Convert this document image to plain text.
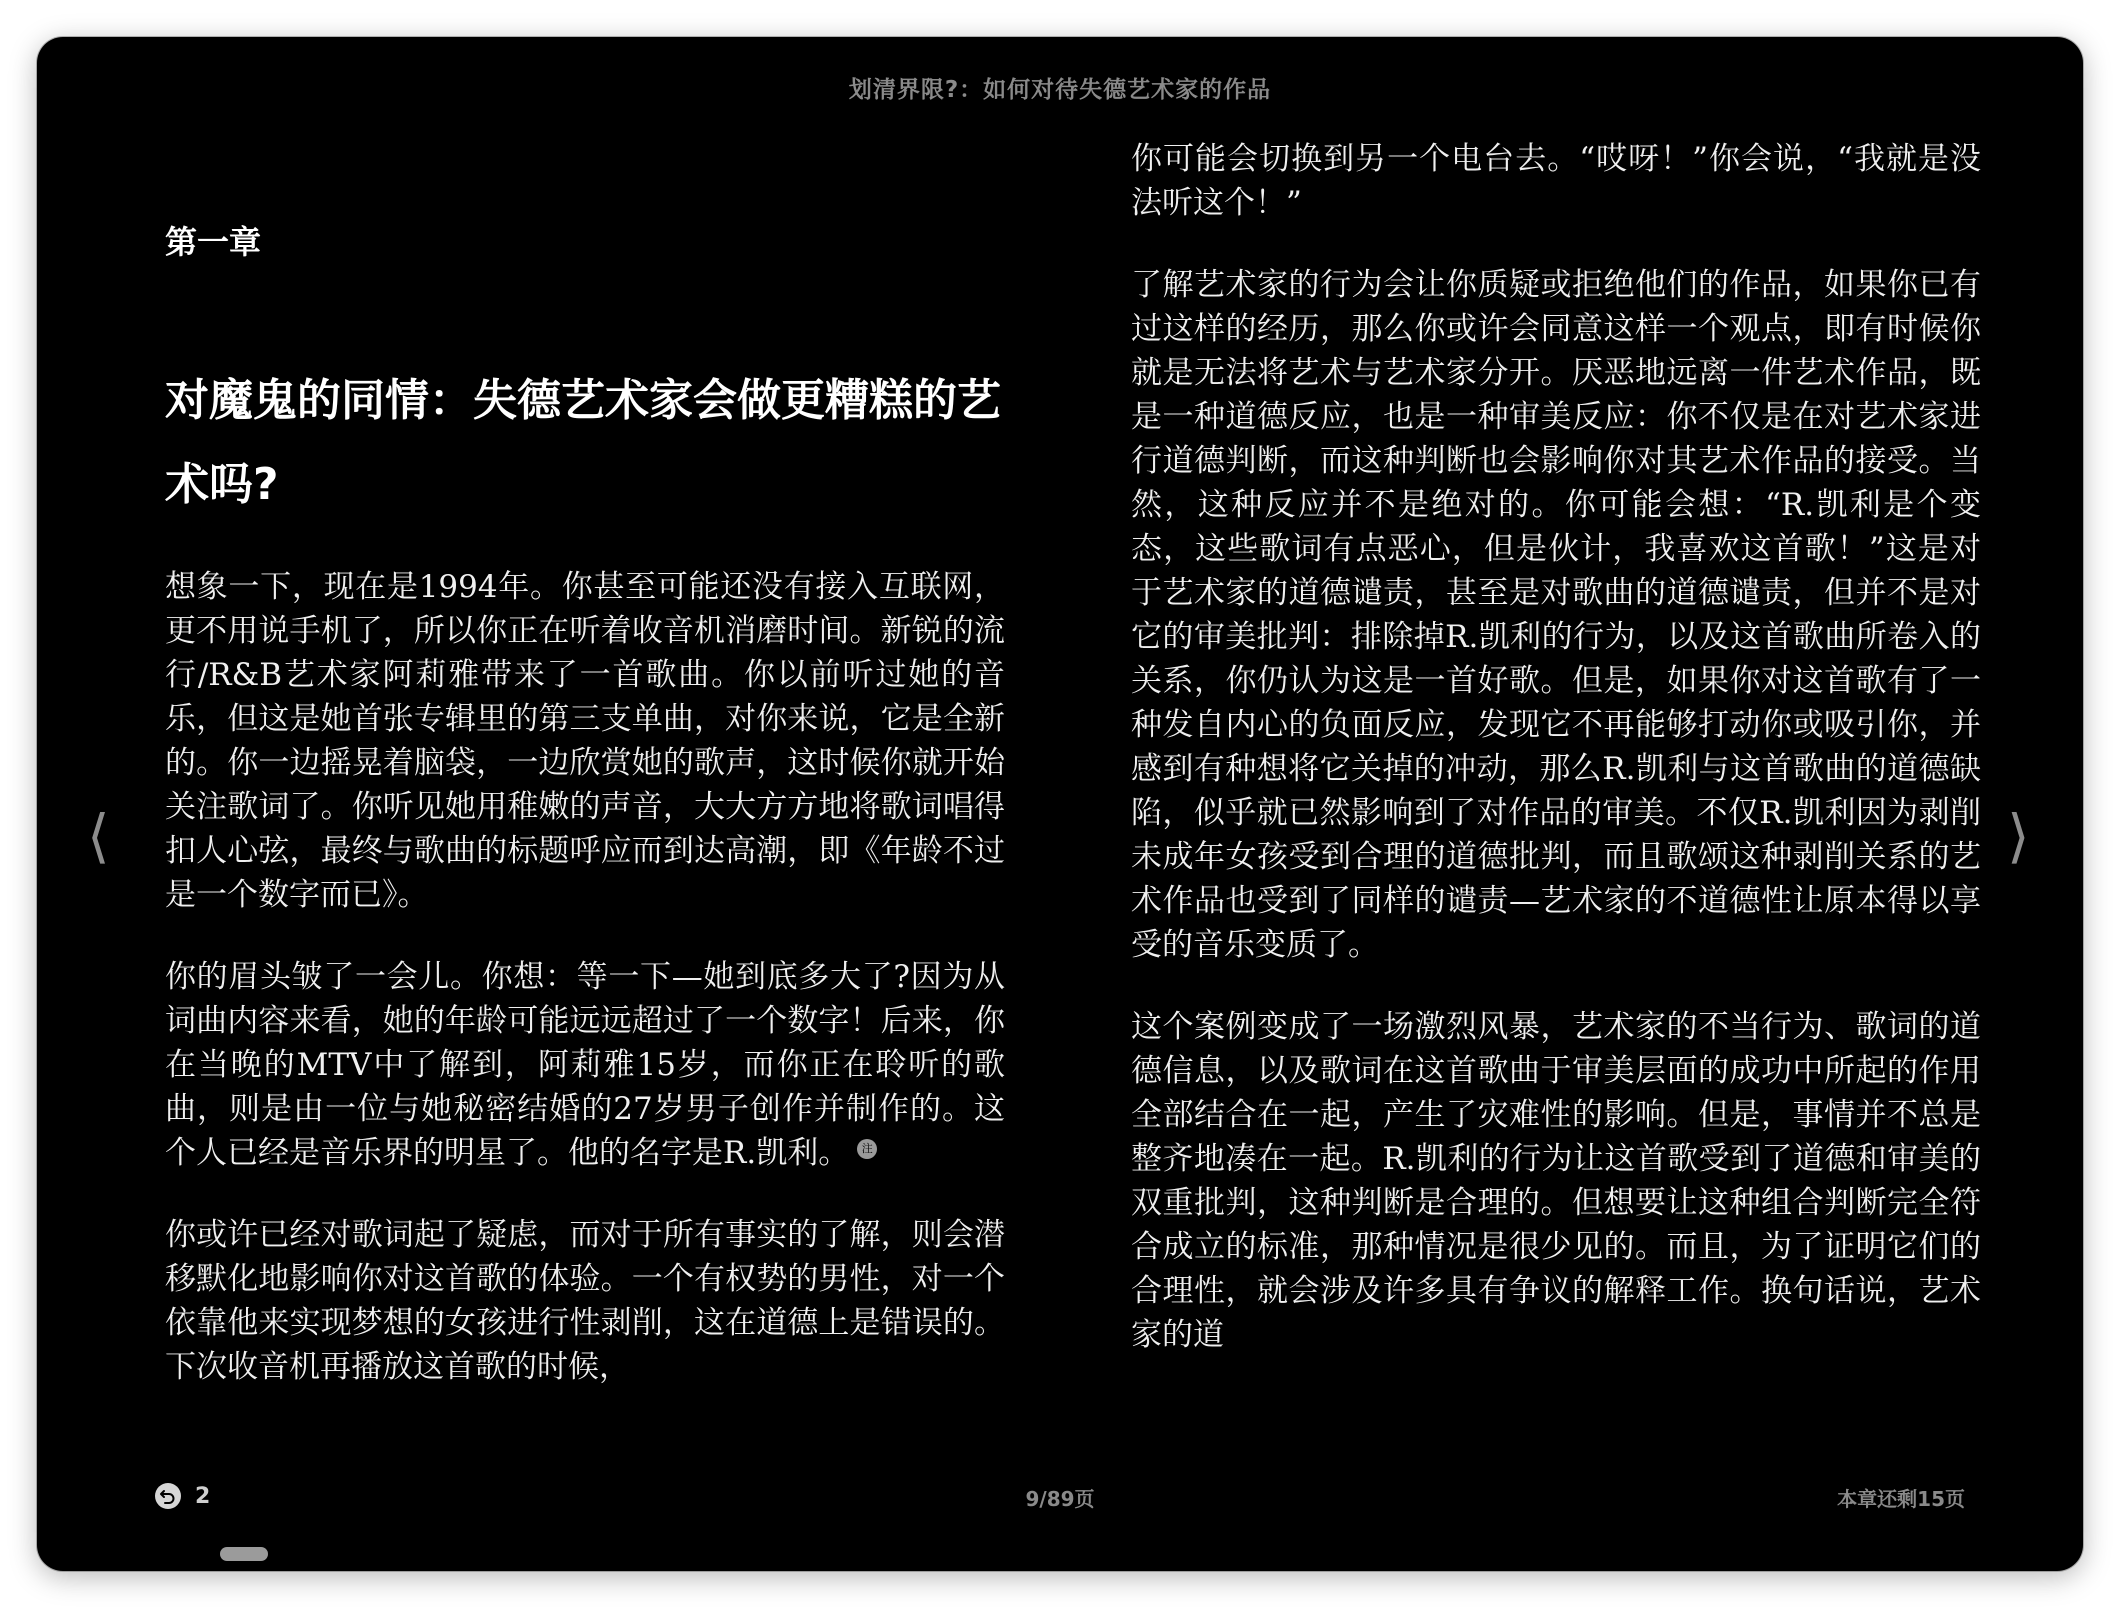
划清界限?：如何对待失德艺术家的作品
⟨	⟩
第一章
对魔鬼的同情：失德艺术家会做更糟糕的艺术吗?

想象一下，现在是1994年。你甚至可能还没有接入互联网，更不用说手机了，所以你正在听着收音机消磨时间。新锐的流行/R&B艺术家阿莉雅带来了一首歌曲。你以前听过她的音乐，但这是她首张专辑里的第三支单曲，对你来说，它是全新的。你一边摇晃着脑袋，一边欣赏她的歌声，这时候你就开始关注歌词了。你听见她用稚嫩的声音，大大方方地将歌词唱得扣人心弦，最终与歌曲的标题呼应而到达高潮，即《年龄不过是一个数字而已》。

你的眉头皱了一会儿。你想：等一下—她到底多大了?因为从词曲内容来看，她的年龄可能远远超过了一个数字！后来，你在当晚的MTV中了解到，阿莉雅15岁，而你正在聆听的歌曲，则是由一位与她秘密结婚的27岁男子创作并制作的。这个人已经是音乐界的明星了。他的名字是R.凯利。 注

你或许已经对歌词起了疑虑，而对于所有事实的了解，则会潜移默化地影响你对这首歌的体验。一个有权势的男性，对一个依靠他来实现梦想的女孩进行性剥削，这在道德上是错误的。下次收音机再播放这首歌的时候，

你可能会切换到另一个电台去。“哎呀！”你会说，“我就是没法听这个！”

了解艺术家的行为会让你质疑或拒绝他们的作品，如果你已有过这样的经历，那么你或许会同意这样一个观点，即有时候你就是无法将艺术与艺术家分开。厌恶地远离一件艺术作品，既是一种道德反应，也是一种审美反应：你不仅是在对艺术家进行道德判断，而这种判断也会影响你对其艺术作品的接受。当然，这种反应并不是绝对的。你可能会想：“R.凯利是个变态，这些歌词有点恶心，但是伙计，我喜欢这首歌！”这是对于艺术家的道德谴责，甚至是对歌曲的道德谴责，但并不是对它的审美批判：排除掉R.凯利的行为，以及这首歌曲所卷入的关系，你仍认为这是一首好歌。但是，如果你对这首歌有了一种发自内心的负面反应，发现它不再能够打动你或吸引你，并感到有种想将它关掉的冲动，那么R.凯利与这首歌曲的道德缺陷，似乎就已然影响到了对作品的审美。不仅R.凯利因为剥削未成年女孩受到合理的道德批判，而且歌颂这种剥削关系的艺术作品也受到了同样的谴责—艺术家的不道德性让原本得以享受的音乐变质了。

这个案例变成了一场激烈风暴，艺术家的不当行为、歌词的道德信息，以及歌词在这首歌曲于审美层面的成功中所起的作用全部结合在一起，产生了灾难性的影响。但是，事情并不总是整齐地凑在一起。R.凯利的行为让这首歌受到了道德和审美的双重批判，这种判断是合理的。但想要让这种组合判断完全符合成立的标准，那种情况是很少见的。而且，为了证明它们的合理性，就会涉及许多具有争议的解释工作。换句话说，艺术家的道

2	9/89页	本章还剩15页
